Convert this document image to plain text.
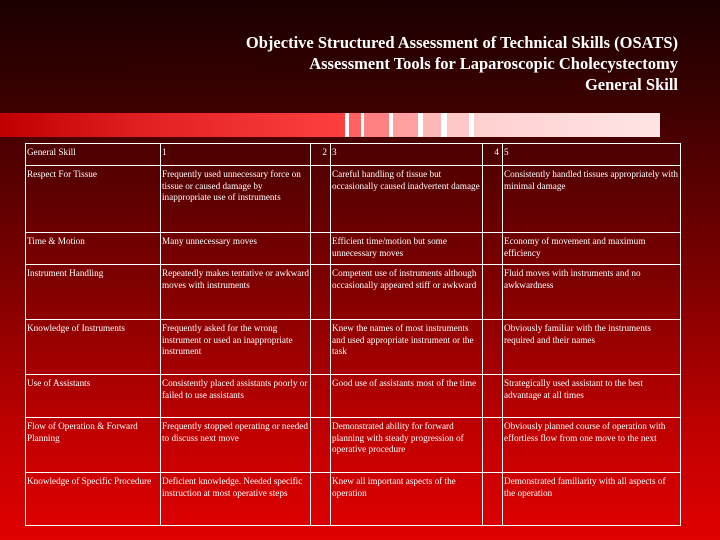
Objective Structured Assessment of Technical Skills (OSATS)
Assessment Tools for Laparoscopic Cholecystectomy
General Skill
General Skill	1	2	3	4	5
Respect For Tissue	Frequently used unnecessary force on tissue or caused damage by inappropriate use of instruments		Careful handling of tissue but occasionally caused inadvertent damage		Consistently handled tissues appropriately with minimal damage
Time & Motion	Many unnecessary moves		Efficient time/motion but some unnecessary moves		Economy of movement and maximum efficiency
Instrument Handling	Repeatedly makes tentative or awkward moves with instruments		Competent use of instruments although occasionally appeared stiff or awkward		Fluid moves with instruments and no awkwardness
Knowledge of Instruments	Frequently asked for the wrong instrument or used an inappropriate instrument		Knew the names of most instruments and used appropriate instrument or the task		Obviously familiar with the instruments required and their names
Use of Assistants	Consistently placed assistants poorly or failed to use assistants		Good use of assistants most of the time		Strategically used assistant to the best advantage at all times
Flow of Operation & Forward Planning	Frequently stopped operating or needed to discuss next move		Demonstrated ability for forward planning with steady progression of operative procedure		Obviously planned course of operation with effortless flow from one move to the next
Knowledge of Specific Procedure	Deficient knowledge. Needed specific instruction at most operative steps		Knew all important aspects of the operation		Demonstrated familiarity with all aspects of the operation
